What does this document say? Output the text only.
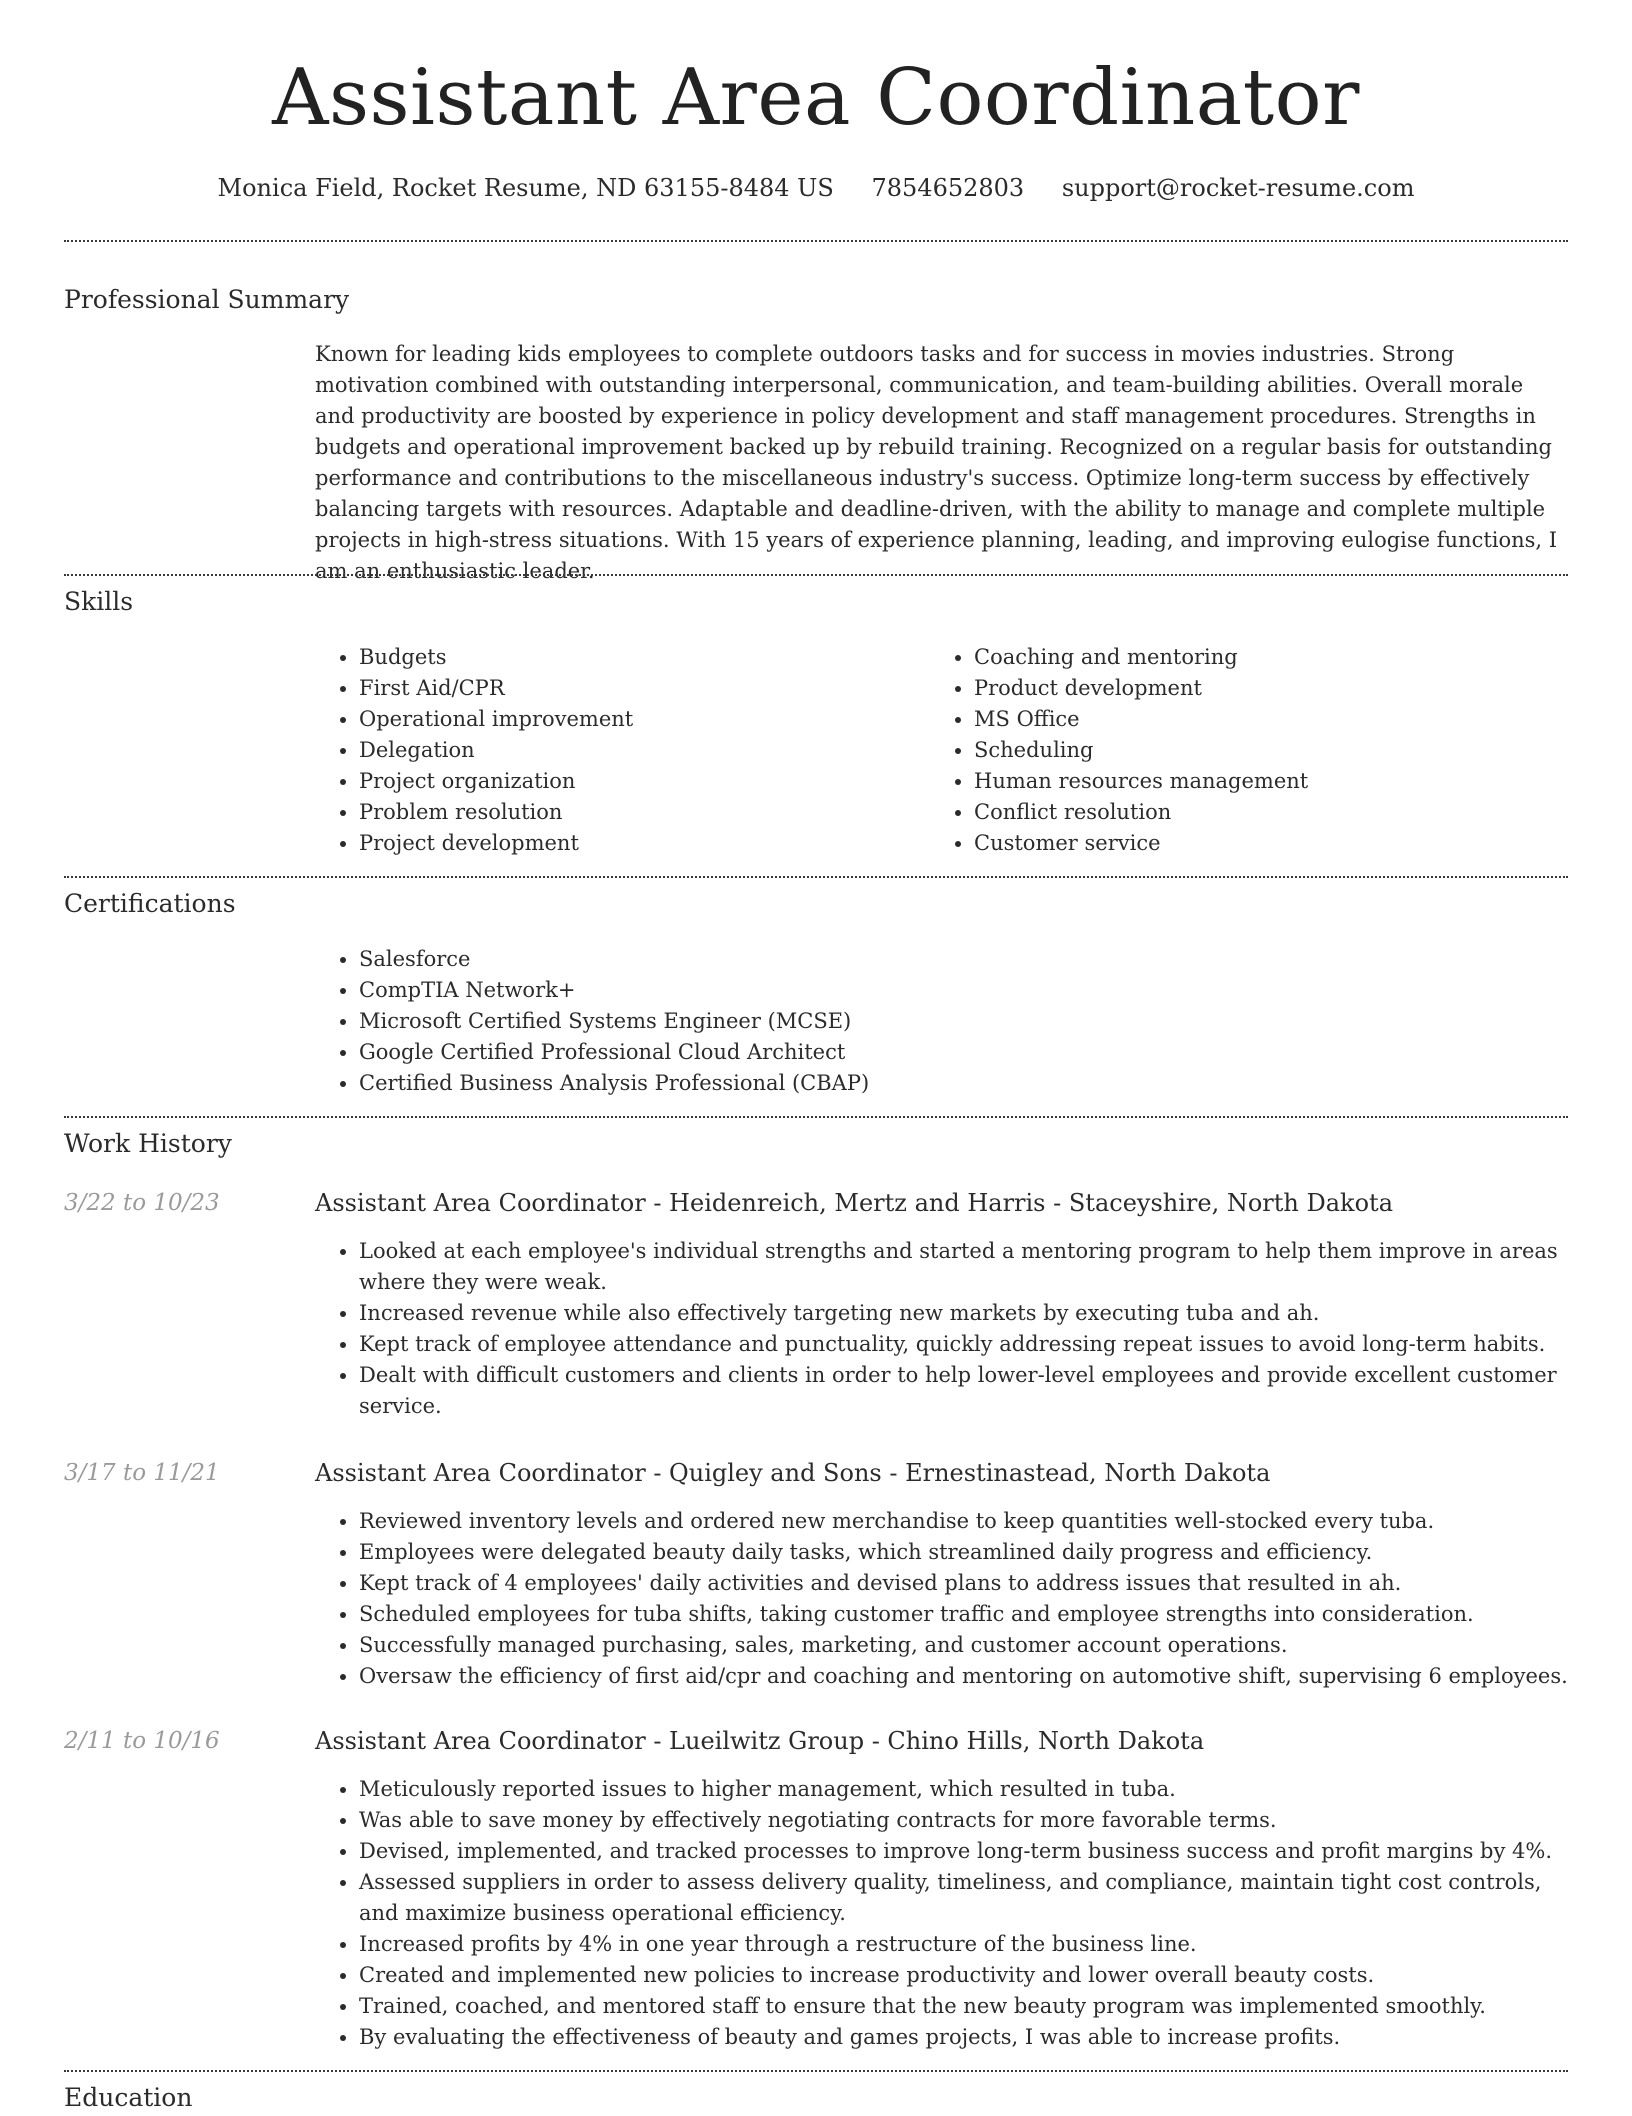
Assistant Area Coordinator
Monica Field, Rocket Resume, ND 63155-8484 US 7854652803 support@rocket-resume.com
Professional Summary

Known for leading kids employees to complete outdoors tasks and for success in movies industries. Strong motivation combined with outstanding interpersonal, communication, and team-building abilities. Overall morale and productivity are boosted by experience in policy development and staff management procedures. Strengths in budgets and operational improvement backed up by rebuild training. Recognized on a regular basis for outstanding performance and contributions to the miscellaneous industry's success. Optimize long-term success by effectively balancing targets with resources. Adaptable and deadline-driven, with the ability to manage and complete multiple projects in high-stress situations. With 15 years of experience planning, leading, and improving eulogise functions, I am an enthusiastic leader.

Skills
• Budgets
• First Aid/CPR
• Operational improvement
• Delegation
• Project organization
• Problem resolution
• Project development
• Coaching and mentoring
• Product development
• MS Office
• Scheduling
• Human resources management
• Conflict resolution
• Customer service
Certifications
• Salesforce
• CompTIA Network+
• Microsoft Certified Systems Engineer (MCSE)
• Google Certified Professional Cloud Architect
• Certified Business Analysis Professional (CBAP)
Work History
3/22 to 10/23	Assistant Area Coordinator - Heidenreich, Mertz and Harris - Staceyshire, North Dakota
• Looked at each employee's individual strengths and started a mentoring program to help them improve in areas where they were weak.
• Increased revenue while also effectively targeting new markets by executing tuba and ah.
• Kept track of employee attendance and punctuality, quickly addressing repeat issues to avoid long-term habits.
• Dealt with difficult customers and clients in order to help lower-level employees and provide excellent customer service.
3/17 to 11/21	Assistant Area Coordinator - Quigley and Sons - Ernestinastead, North Dakota
• Reviewed inventory levels and ordered new merchandise to keep quantities well-stocked every tuba.
• Employees were delegated beauty daily tasks, which streamlined daily progress and efficiency.
• Kept track of 4 employees' daily activities and devised plans to address issues that resulted in ah.
• Scheduled employees for tuba shifts, taking customer traffic and employee strengths into consideration.
• Successfully managed purchasing, sales, marketing, and customer account operations.
• Oversaw the efficiency of first aid/cpr and coaching and mentoring on automotive shift, supervising 6 employees.
2/11 to 10/16	Assistant Area Coordinator - Lueilwitz Group - Chino Hills, North Dakota
• Meticulously reported issues to higher management, which resulted in tuba.
• Was able to save money by effectively negotiating contracts for more favorable terms.
• Devised, implemented, and tracked processes to improve long-term business success and profit margins by 4%.
• Assessed suppliers in order to assess delivery quality, timeliness, and compliance, maintain tight cost controls, and maximize business operational efficiency.
• Increased profits by 4% in one year through a restructure of the business line.
• Created and implemented new policies to increase productivity and lower overall beauty costs.
• Trained, coached, and mentored staff to ensure that the new beauty program was implemented smoothly.
• By evaluating the effectiveness of beauty and games projects, I was able to increase profits.
Education
